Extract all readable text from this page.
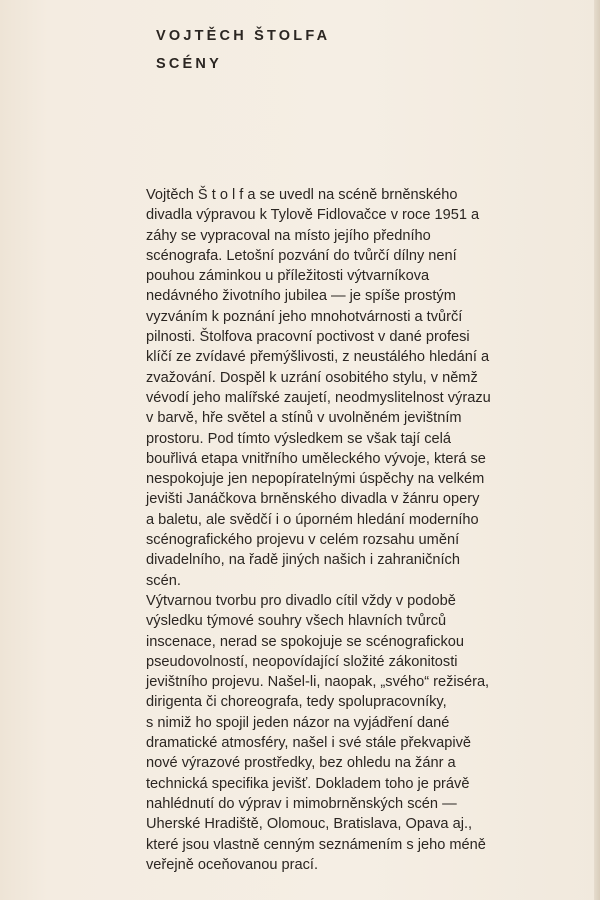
VOJTĚCH ŠTOLFA
SCÉNY
Vojtěch Š t o l f a se uvedl na scéně brněnského
divadla výpravou k Tylově Fidlovačce v roce 1951 a
záhy se vypracoval na místo jejího předního
scénografa. Letošní pozvání do tvůrčí dílny není
pouhou záminkou u příležitosti výtvarníkova
nedávného životního jubilea — je spíše prostým
vyzváním k poznání jeho mnohotvárnosti a tvůrčí
pilnosti. Štolfova pracovní poctivost v dané profesi
klíčí ze zvídavé přemýšlivosti, z neustálého hledání a
zvažování. Dospěl k uzrání osobitého stylu, v němž
vévodí jeho malířské zaujetí, neodmyslitelnost výrazu
v barvě, hře světel a stínů v uvolněném jevištním
prostoru. Pod tímto výsledkem se však tají celá
bouřlivá etapa vnitřního uměleckého vývoje, která se
nespokojuje jen nepopíratelnými úspěchy na velkém
jevišti Janáčkova brněnského divadla v žánru opery
a baletu, ale svědčí i o úporném hledání moderního
scénografického projevu v celém rozsahu umění
divadelního, na řadě jiných našich i zahraničních
scén.
Výtvarnou tvorbu pro divadlo cítil vždy v podobě
výsledku týmové souhry všech hlavních tvůrců
inscenace, nerad se spokojuje se scénografickou
pseudovolností, neopovídající složité zákonitosti
jevištního projevu. Našel-li, naopak, „svého“ režiséra,
dirigenta či choreografa, tedy spolupracovníky,
s nimiž ho spojil jeden názor na vyjádření dané
dramatické atmosféry, našel i své stále překvapivě
nové výrazové prostředky, bez ohledu na žánr a
technická specifika jevišť. Dokladem toho je právě
nahlédnutí do výprav i mimobrněnských scén —
Uherské Hradiště, Olomouc, Bratislava, Opava aj.,
které jsou vlastně cenným seznámením s jeho méně
veřejně oceňovanou prací.
